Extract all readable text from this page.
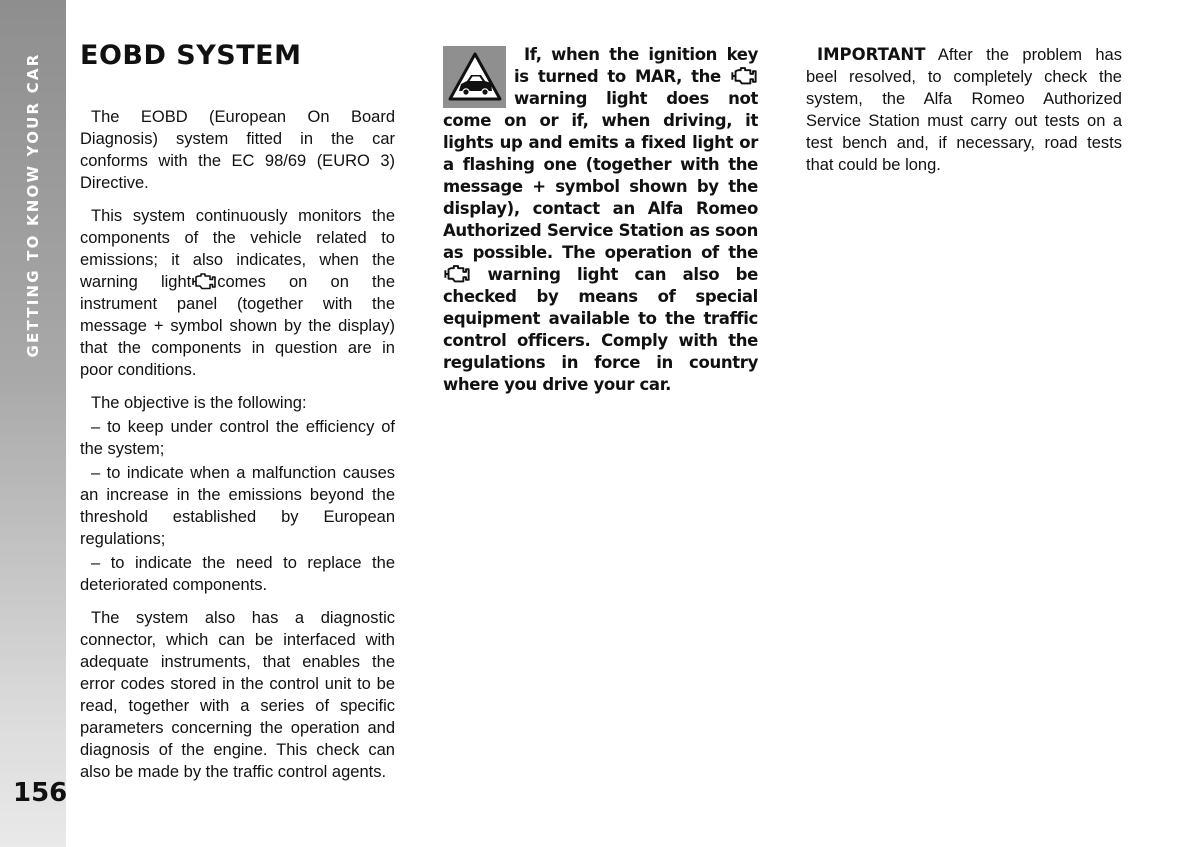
GETTING TO KNOW YOUR CAR
156
EOBD SYSTEM

The EOBD (European On Board Diagnosis) system fitted in the car conforms with the EC 98/69 (EURO 3) Directive.

This system continuously monitors the components of the vehicle related to emissions; it also indicates, when the warning light comes on on the instrument panel (together with the message + symbol shown by the display) that the components in question are in poor conditions.

The objective is the following:

– to keep under control the efficiency of the system;

– to indicate when a malfunction causes an increase in the emissions beyond the threshold established by European regulations;

– to indicate the need to replace the deteriorated components.

The system also has a diagnostic connector, which can be interfaced with adequate instruments, that enables the error codes stored in the control unit to be read, together with a series of specific parameters concerning the operation and diagnosis of the engine. This check can also be made by the traffic control agents.

If, when the ignition key is turned to MAR, the
warning light does not come on or if, when driving, it lights up and emits a fixed light or a flashing one (together with the message + symbol shown by the display), contact an Alfa Romeo Authorized Service Station as soon as possible. The operation of the
warning light can also be checked by means of special equipment available to the traffic control officers. Comply with the regulations in force in country where you drive your car.

IMPORTANT After the problem has beel resolved, to completely check the system, the Alfa Romeo Authorized Service Station must carry out tests on a test bench and, if necessary, road tests that could be long.
